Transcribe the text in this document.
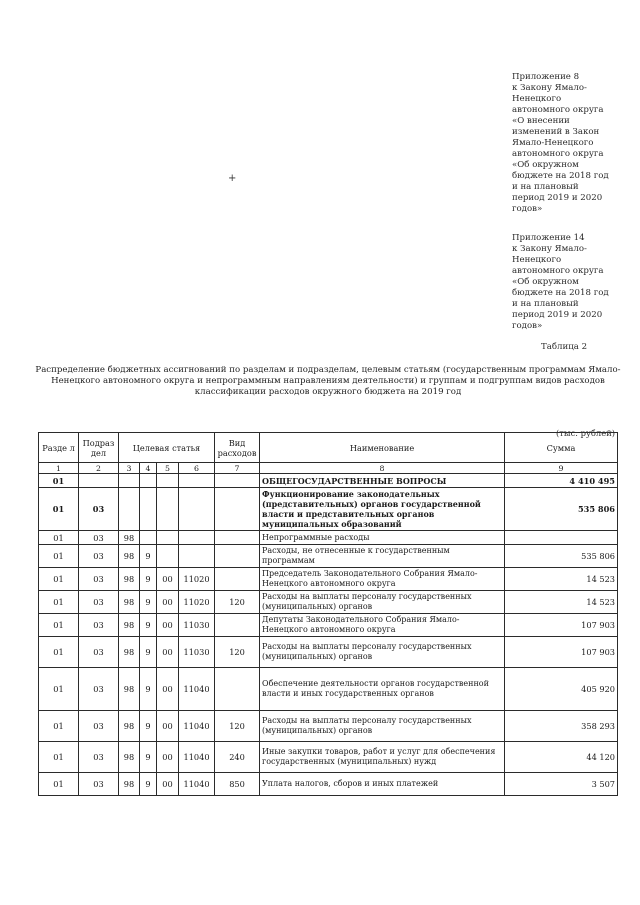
Приложение 8

к Закону Ямало-

Ненецкого

автономного округа

«О внесении

изменений в Закон

Ямало-Ненецкого

автономного округа

«Об окружном

бюджете на 2018 год

и на плановый

период 2019 и 2020

годов»

+

Приложение 14

к Закону Ямало-

Ненецкого

автономного округа

«Об окружном

бюджете на 2018 год

и на плановый

период 2019 и 2020

годов»

Таблица 2
Распределение бюджетных ассигнований по разделам и подразделам, целевым статьям (государственным программам Ямало-Ненецкого автономного округа и непрограммным направлениям деятельности) и группам и подгруппам видов расходов классификации расходов окружного бюджета на 2019 год
(тыс. рублей)
Разде л	Подраз дел	Целевая статья				Вид расходов	Наименование	Сумма
1	2	3	4	5	6	7	8	9
01							ОБЩЕГОСУДАРСТВЕННЫЕ ВОПРОСЫ	4 410 495
01	03						Функционирование законодательных (представительных) органов государственной власти и представительных органов муниципальных образований	535 806
01	03	98					Непрограммные расходы	
01	03	98	9				Расходы, не отнесенные к государственным программам	535 806
01	03	98	9	00	11020		Председатель Законодательного Собрания Ямало-Ненецкого автономного округа	14 523
01	03	98	9	00	11020	120	Расходы на выплаты персоналу государственных (муниципальных) органов	14 523
01	03	98	9	00	11030		Депутаты Законодательного Собрания Ямало-Ненецкого автономного округа	107 903
01	03	98	9	00	11030	120	Расходы на выплаты персоналу государственных (муниципальных) органов	107 903
01	03	98	9	00	11040		Обеспечение деятельности органов государственной власти и иных государственных органов	405 920
01	03	98	9	00	11040	120	Расходы на выплаты персоналу государственных (муниципальных) органов	358 293
01	03	98	9	00	11040	240	Иные закупки товаров, работ и услуг для обеспечения государственных (муниципальных) нужд	44 120
01	03	98	9	00	11040	850	Уплата налогов, сборов и иных платежей	3 507
